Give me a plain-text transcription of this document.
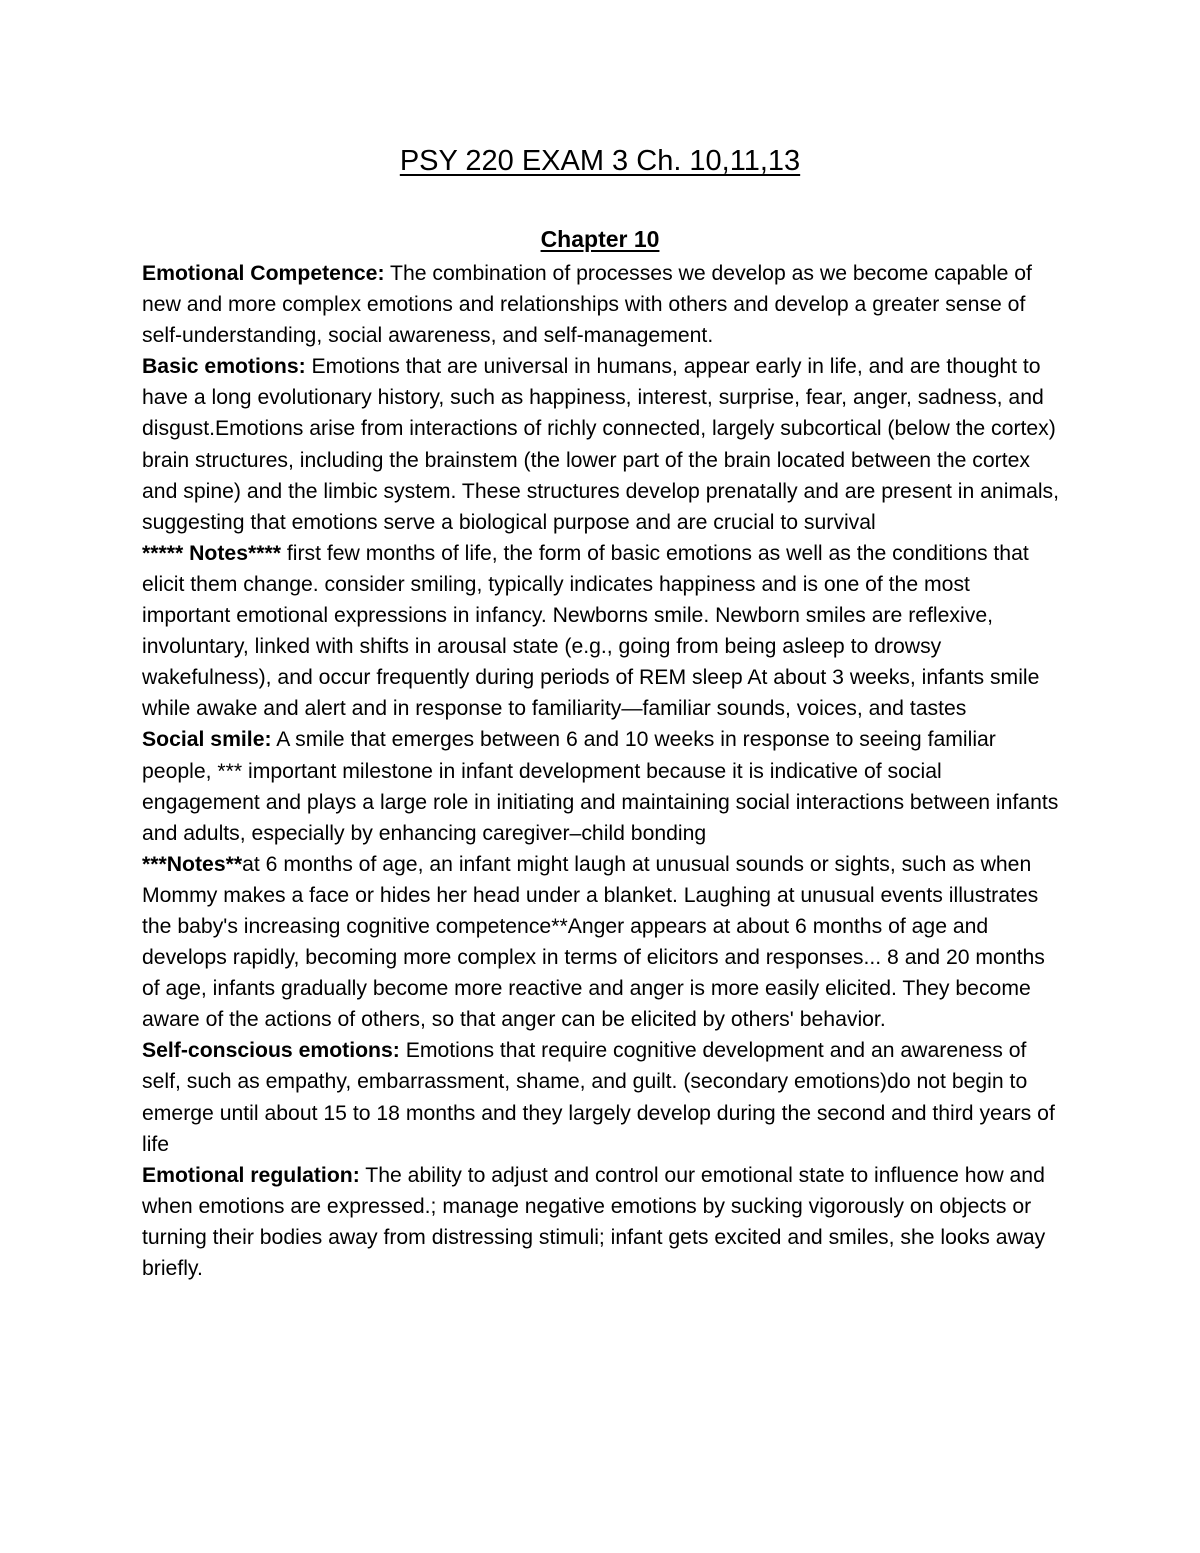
PSY 220 EXAM 3 Ch. 10,11,13
Chapter 10

Emotional Competence: The combination of processes we develop as we become capable of new and more complex emotions and relationships with others and develop a greater sense of self-understanding, social awareness, and self-management.

Basic emotions: Emotions that are universal in humans, appear early in life, and are thought to have a long evolutionary history, such as happiness, interest, surprise, fear, anger, sadness, and disgust.Emotions arise from interactions of richly connected, largely subcortical (below the cortex) brain structures, including the brainstem (the lower part of the brain located between the cortex and spine) and the limbic system. These structures develop prenatally and are present in animals, suggesting that emotions serve a biological purpose and are crucial to survival

***** Notes**** first few months of life, the form of basic emotions as well as the conditions that elicit them change. consider smiling, typically indicates happiness and is one of the most important emotional expressions in infancy. Newborns smile. Newborn smiles are reflexive, involuntary, linked with shifts in arousal state (e.g., going from being asleep to drowsy wakefulness), and occur frequently during periods of REM sleep At about 3 weeks, infants smile while awake and alert and in response to familiarity—familiar sounds, voices, and tastes

Social smile: A smile that emerges between 6 and 10 weeks in response to seeing familiar people, *** important milestone in infant development because it is indicative of social engagement and plays a large role in initiating and maintaining social interactions between infants and adults, especially by enhancing caregiver–child bonding

***Notes**at 6 months of age, an infant might laugh at unusual sounds or sights, such as when Mommy makes a face or hides her head under a blanket. Laughing at unusual events illustrates the baby's increasing cognitive competence**Anger appears at about 6 months of age and develops rapidly, becoming more complex in terms of elicitors and responses... 8 and 20 months of age, infants gradually become more reactive and anger is more easily elicited. They become aware of the actions of others, so that anger can be elicited by others' behavior.

Self-conscious emotions: Emotions that require cognitive development and an awareness of self, such as empathy, embarrassment, shame, and guilt. (secondary emotions)do not begin to emerge until about 15 to 18 months and they largely develop during the second and third years of life

Emotional regulation: The ability to adjust and control our emotional state to influence how and when emotions are expressed.; manage negative emotions by sucking vigorously on objects or turning their bodies away from distressing stimuli; infant gets excited and smiles, she looks away briefly.
